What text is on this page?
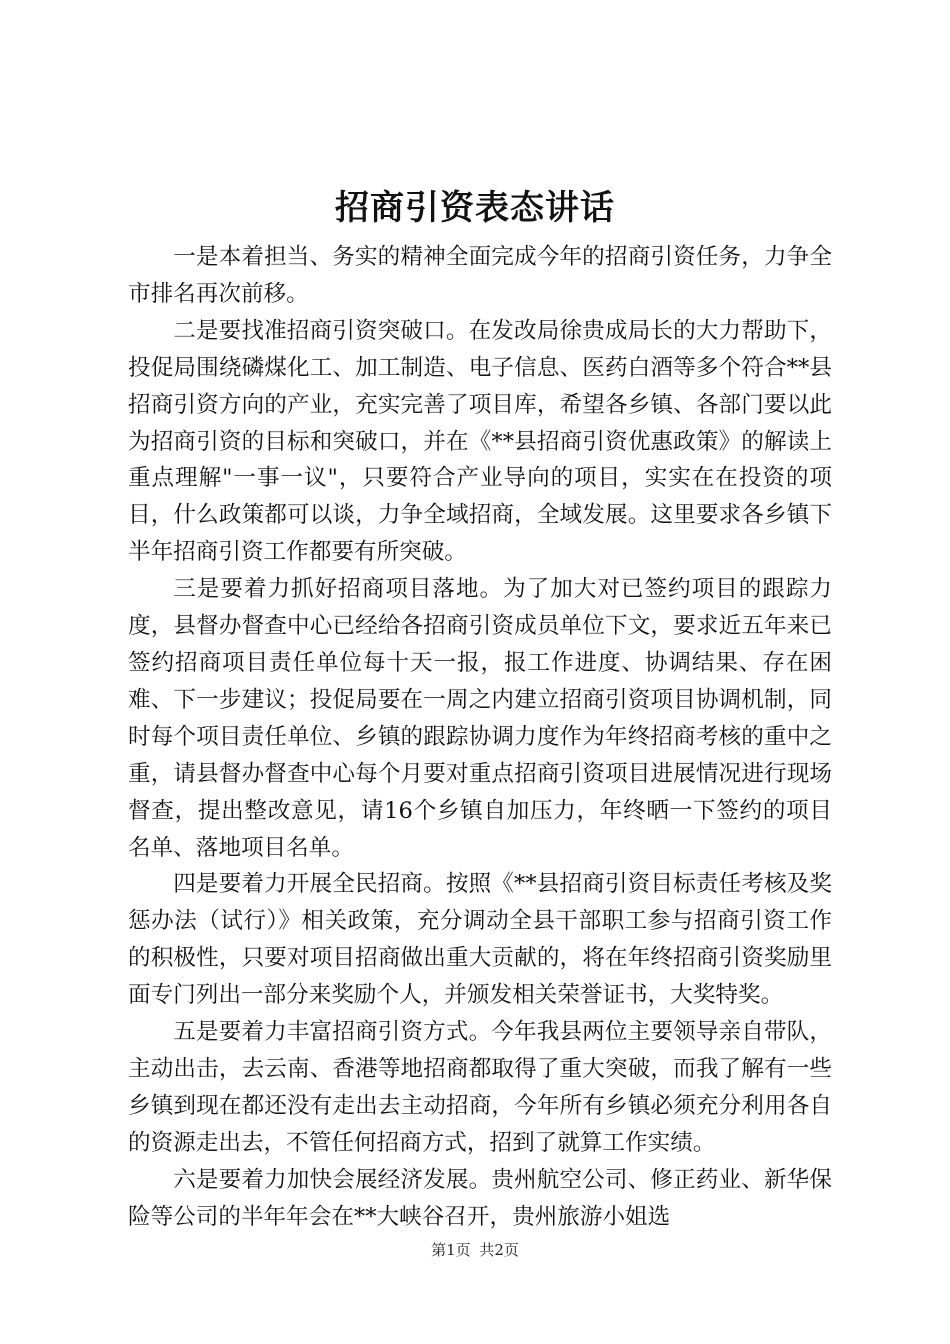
招商引资表态讲话

一是本着担当、务实的精神全面完成今年的招商引资任务，力争全市排名再次前移。

二是要找准招商引资突破口。在发改局徐贵成局长的大力帮助下，投促局围绕磷煤化工、加工制造、电子信息、医药白酒等多个符合**县招商引资方向的产业，充实完善了项目库，希望各乡镇、各部门要以此为招商引资的目标和突破口，并在《**县招商引资优惠政策》的解读上重点理解"一事一议"，只要符合产业导向的项目，实实在在投资的项目，什么政策都可以谈，力争全域招商，全域发展。这里要求各乡镇下半年招商引资工作都要有所突破。

三是要着力抓好招商项目落地。为了加大对已签约项目的跟踪力度，县督办督查中心已经给各招商引资成员单位下文，要求近五年来已签约招商项目责任单位每十天一报，报工作进度、协调结果、存在困难、下一步建议；投促局要在一周之内建立招商引资项目协调机制，同时每个项目责任单位、乡镇的跟踪协调力度作为年终招商考核的重中之重，请县督办督查中心每个月要对重点招商引资项目进展情况进行现场督查，提出整改意见，请16个乡镇自加压力，年终晒一下签约的项目名单、落地项目名单。

四是要着力开展全民招商。按照《**县招商引资目标责任考核及奖惩办法（试行）》相关政策，充分调动全县干部职工参与招商引资工作的积极性，只要对项目招商做出重大贡献的，将在年终招商引资奖励里面专门列出一部分来奖励个人，并颁发相关荣誉证书，大奖特奖。

五是要着力丰富招商引资方式。今年我县两位主要领导亲自带队，主动出击，去云南、香港等地招商都取得了重大突破，而我了解有一些乡镇到现在都还没有走出去主动招商，今年所有乡镇必须充分利用各自的资源走出去，不管任何招商方式，招到了就算工作实绩。

六是要着力加快会展经济发展。贵州航空公司、修正药业、新华保险等公司的半年年会在**大峡谷召开，贵州旅游小姐选

第1页 共2页
